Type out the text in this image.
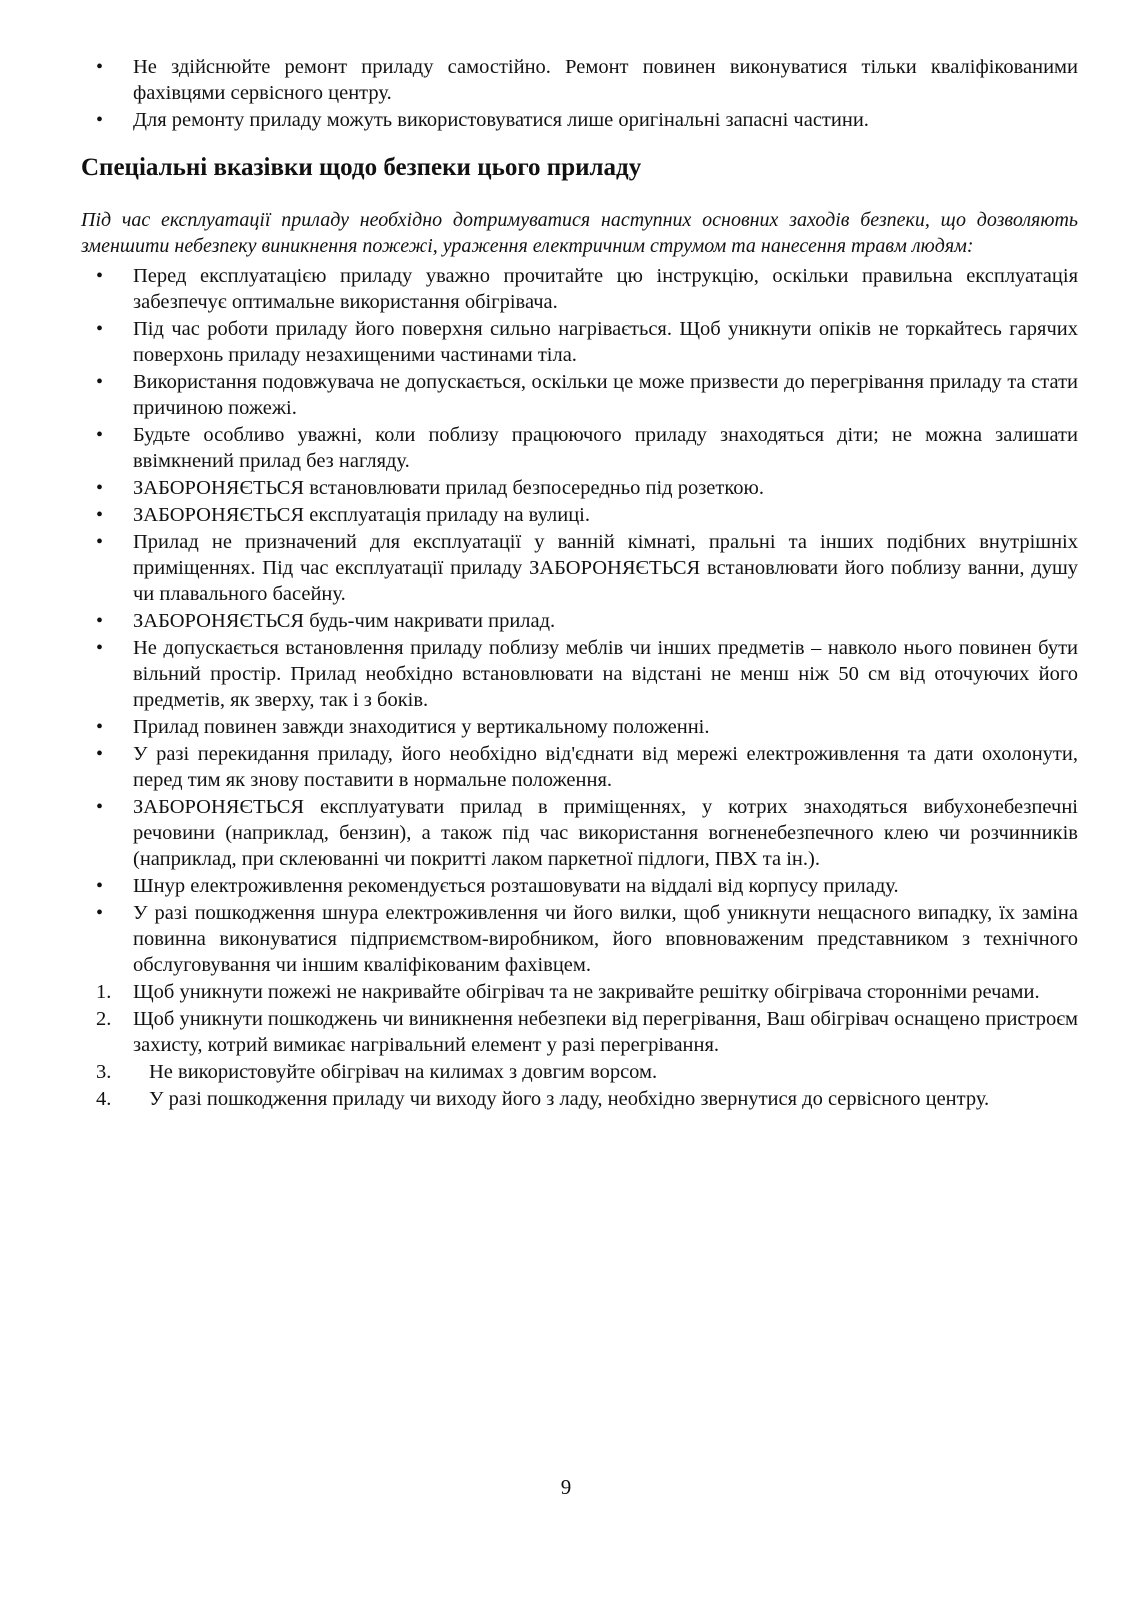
• Не здійснюйте ремонт приладу самостійно. Ремонт повинен виконуватися тільки кваліфікованими фахівцями сервісного центру.
• Для ремонту приладу можуть використовуватися лише оригінальні запасні частини.
Спеціальні вказівки щодо безпеки цього приладу

Під час експлуатації приладу необхідно дотримуватися наступних основних заходів безпеки, що дозволяють зменшити небезпеку виникнення пожежі, ураження електричним струмом та нанесення травм людям:

• Перед експлуатацією приладу уважно прочитайте цю інструкцію, оскільки правильна експлуатація забезпечує оптимальне використання обігрівача.
• Під час роботи приладу його поверхня сильно нагрівається. Щоб уникнути опіків не торкайтесь гарячих поверхонь приладу незахищеними частинами тіла.
• Використання подовжувача не допускається, оскільки це може призвести до перегрівання приладу та стати причиною пожежі.
• Будьте особливо уважні, коли поблизу працюючого приладу знаходяться діти; не можна залишати ввімкнений прилад без нагляду.
• ЗАБОРОНЯЄТЬСЯ встановлювати прилад безпосередньо під розеткою.
• ЗАБОРОНЯЄТЬСЯ експлуатація приладу на вулиці.
• Прилад не призначений для експлуатації у ванній кімнаті, пральні та інших подібних внутрішніх приміщеннях. Під час експлуатації приладу ЗАБОРОНЯЄТЬСЯ встановлювати його поблизу ванни, душу чи плавального басейну.
• ЗАБОРОНЯЄТЬСЯ будь-чим накривати прилад.
• Не допускається встановлення приладу поблизу меблів чи інших предметів – навколо нього повинен бути вільний простір. Прилад необхідно встановлювати на відстані не менш ніж 50 см від оточуючих його предметів, як зверху, так і з боків.
• Прилад повинен завжди знаходитися у вертикальному положенні.
• У разі перекидання приладу, його необхідно від'єднати від мережі електроживлення та дати охолонути, перед тим як знову поставити в нормальне положення.
• ЗАБОРОНЯЄТЬСЯ експлуатувати прилад в приміщеннях, у котрих знаходяться вибухонебезпечні речовини (наприклад, бензин), а також під час використання вогненебезпечного клею чи розчинників (наприклад, при склеюванні чи покритті лаком паркетної підлоги, ПВХ та ін.).
• Шнур електроживлення рекомендується розташовувати на віддалі від корпусу приладу.
• У разі пошкодження шнура електроживлення чи його вилки, щоб уникнути нещасного випадку, їх заміна повинна виконуватися підприємством-виробником, його вповноваженим представником з технічного обслуговування чи іншим кваліфікованим фахівцем.
1. Щоб уникнути пожежі не накривайте обігрівач та не закривайте решітку обігрівача сторонніми речами.
2. Щоб уникнути пошкоджень чи виникнення небезпеки від перегрівання, Ваш обігрівач оснащено пристроєм захисту, котрий вимикає нагрівальний елемент у разі перегрівання.
3. Не використовуйте обігрівач на килимах з довгим ворсом.
4. У разі пошкодження приладу чи виходу його з ладу, необхідно звернутися до сервісного центру.
9
